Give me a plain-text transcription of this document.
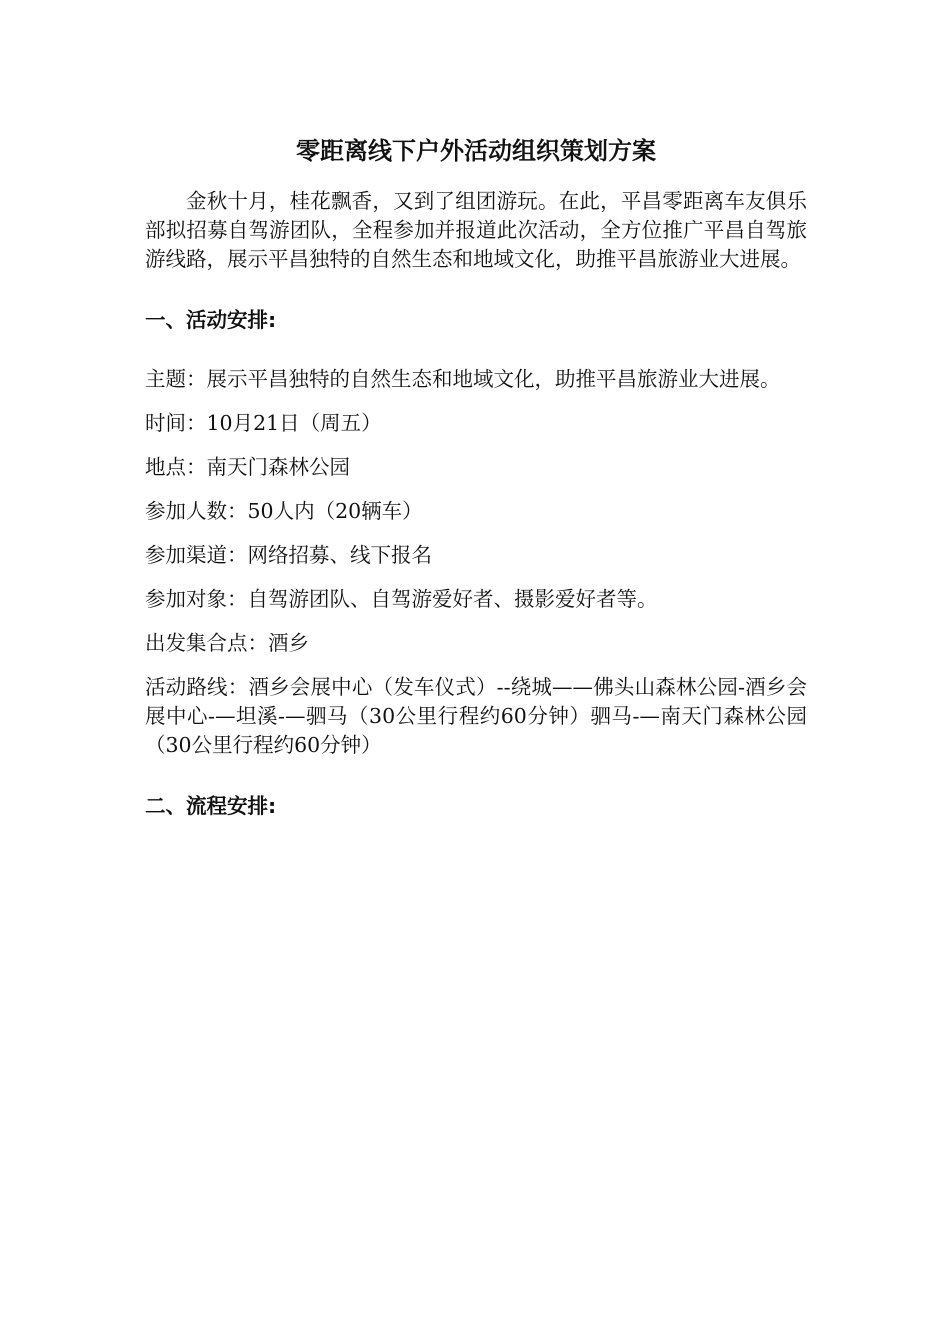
零距离线下户外活动组织策划方案

金秋十月，桂花飘香，又到了组团游玩。在此，平昌零距离车友俱乐部拟招募自驾游团队，全程参加并报道此次活动，全方位推广平昌自驾旅游线路，展示平昌独特的自然生态和地域文化，助推平昌旅游业大进展。

一、活动安排:
主题：展示平昌独特的自然生态和地域文化，助推平昌旅游业大进展。
时间：10月21日（周五）
地点：南天门森林公园
参加人数：50人内（20辆车）
参加渠道：网络招募、线下报名
参加对象：自驾游团队、自驾游爱好者、摄影爱好者等。
出发集合点：酒乡
活动路线：酒乡会展中心（发车仪式）--绕城——佛头山森林公园-酒乡会展中心-—坦溪-—驷马（30公里行程约60分钟）驷马-—南天门森林公园（30公里行程约60分钟）
二、流程安排:
